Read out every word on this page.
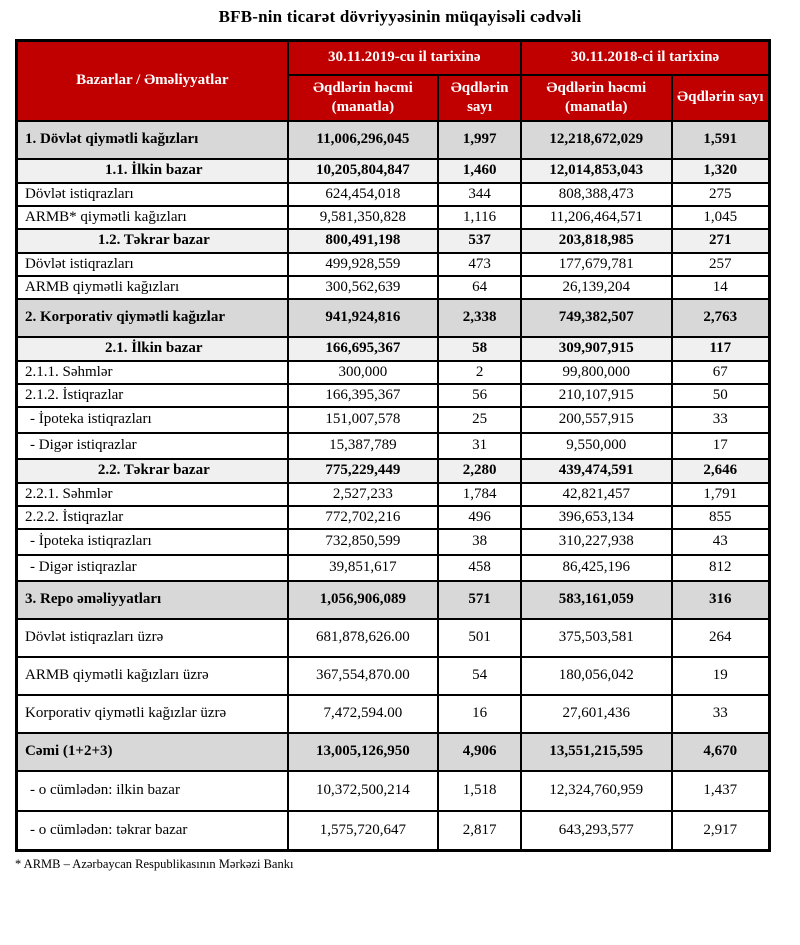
BFB-nin ticarət dövriyyəsinin müqayisəli cədvəli
Bazarlar / Əməliyyatlar	30.11.2019-cu il tarixinə		30.11.2018-ci il tarixinə	
	Əqdlərin həcmi (manatla)	Əqdlərin sayı	Əqdlərin həcmi (manatla)	Əqdlərin sayı
1. Dövlət qiymətli kağızları	11,006,296,045	1,997	12,218,672,029	1,591
1.1. İlkin bazar	10,205,804,847	1,460	12,014,853,043	1,320
Dövlət istiqrazları	624,454,018	344	808,388,473	275
ARMB* qiymətli kağızları	9,581,350,828	1,116	11,206,464,571	1,045
1.2. Təkrar bazar	800,491,198	537	203,818,985	271
Dövlət istiqrazları	499,928,559	473	177,679,781	257
ARMB qiymətli kağızları	300,562,639	64	26,139,204	14
2. Korporativ qiymətli kağızlar	941,924,816	2,338	749,382,507	2,763
2.1. İlkin bazar	166,695,367	58	309,907,915	117
2.1.1. Səhmlər	300,000	2	99,800,000	67
2.1.2. İstiqrazlar	166,395,367	56	210,107,915	50
- İpoteka istiqrazları	151,007,578	25	200,557,915	33
- Digər istiqrazlar	15,387,789	31	9,550,000	17
2.2. Təkrar bazar	775,229,449	2,280	439,474,591	2,646
2.2.1. Səhmlər	2,527,233	1,784	42,821,457	1,791
2.2.2. İstiqrazlar	772,702,216	496	396,653,134	855
- İpoteka istiqrazları	732,850,599	38	310,227,938	43
- Digər istiqrazlar	39,851,617	458	86,425,196	812
3. Repo əməliyyatları	1,056,906,089	571	583,161,059	316
Dövlət istiqrazları üzrə	681,878,626.00	501	375,503,581	264
ARMB qiymətli kağızları üzrə	367,554,870.00	54	180,056,042	19
Korporativ qiymətli kağızlar üzrə	7,472,594.00	16	27,601,436	33
Cəmi (1+2+3)	13,005,126,950	4,906	13,551,215,595	4,670
- o cümlədən: ilkin bazar	10,372,500,214	1,518	12,324,760,959	1,437
- o cümlədən: təkrar bazar	1,575,720,647	2,817	643,293,577	2,917
* ARMB – Azərbaycan Respublikasının Mərkəzi Bankı
